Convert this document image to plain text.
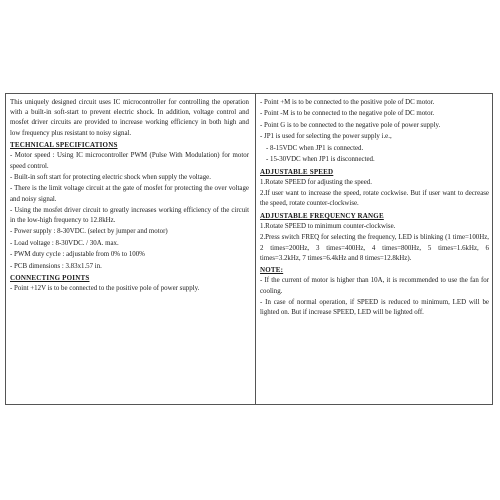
This uniquely designed circuit uses IC microcontroller for controlling the operation with a built-in soft-start to prevent electric shock. In addition, voltage control and mosfet driver circuits are provided to increase working efficiency in both high and low frequency plus resistant to noisy signal.

TECHNICAL SPECIFICATIONS

- Motor speed : Using IC microcontroller PWM (Pulse With Modulation) for motor speed control.

- Built-in soft start for protecting electric shock when supply the voltage.

- There is the limit voltage circuit at the gate of mosfet for protecting the over voltage and noisy signal.

- Using the mosfet driver circuit to greatly increases working efficiency of the circuit in the low-high frequency to 12.8kHz.

- Power supply : 8-30VDC. (select by jumper and motor)

- Load voltage : 8-30VDC. / 30A. max.

- PWM duty cycle : adjustable from 0% to 100%

- PCB dimensions : 3.83x1.57 in.

CONNECTING POINTS

- Point +12V is to be connected to the positive pole of power supply.

- Point +M is to be connected to the positive pole of DC motor.

- Point -M is to be connected to the negative pole of DC motor.

- Point G is to be connected to the negative pole of power supply.

- JP1 is used for selecting the power supply i.e.,

- 8-15VDC when JP1 is connected.

- 15-30VDC when JP1 is disconnected.

ADJUSTABLE SPEED

1.Rotate SPEED for adjusting the speed.

2.If user want to increase the speed, rotate cockwise. But if user want to decrease the speed, rotate counter-clockwise.

ADJUSTABLE FREQUENCY RANGE

1.Rotate SPEED to minimum counter-clockwise.

2.Press switch FREQ for selecting the frequency, LED is blinking (1 time=100Hz, 2 times=200Hz, 3 times=400Hz, 4 times=800Hz, 5 times=1.6kHz, 6 times=3.2kHz, 7 times=6.4kHz and 8 times=12.8kHz).

NOTE:

- If the current of motor is higher than 10A, it is recommended to use the fan for cooling.

- In case of normal operation, if SPEED is reduced to minimum, LED will be lighted on. But if increase SPEED, LED will be lighted off.
